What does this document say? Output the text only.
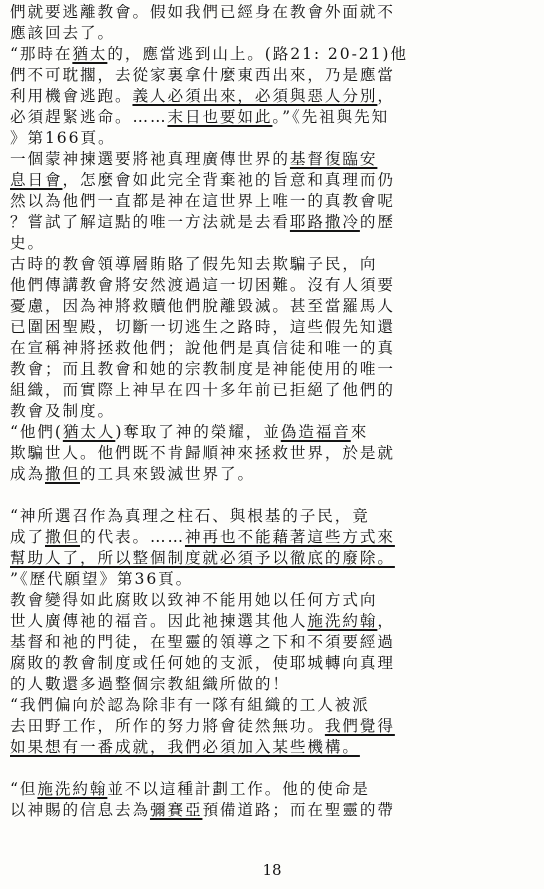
們就要逃離教會。假如我們已經身在教會外面就不
應該回去了。
“那時在猶太的，應當逃到山上。(路21: 20-21)他
們不可耽擱，去從家裏拿什麼東西出來，乃是應當
利用機會逃跑。義人必須出來，必須與惡人分別，
必須趕緊逃命。……末日也要如此。”《先祖與先知
》第166頁。
一個蒙神揀選要將祂真理廣傳世界的基督復臨安
息日會，怎麼會如此完全背棄祂的旨意和真理而仍
然以為他們一直都是神在這世界上唯一的真教會呢
？嘗試了解這點的唯一方法就是去看耶路撒冷的歷
史。
古時的教會領導層賄賂了假先知去欺騙子民，向
他們傳講教會將安然渡過這一切困難。沒有人須要
憂慮，因為神將救贖他們脫離毀滅。甚至當羅馬人
已圍困聖殿，切斷一切逃生之路時，這些假先知還
在宣稱神將拯救他們；說他們是真信徒和唯一的真
教會；而且教會和她的宗教制度是神能使用的唯一
組織，而實際上神早在四十多年前已拒絕了他們的
教會及制度。
“他們(猶太人)奪取了神的榮耀，並偽造福音來
欺騙世人。他們既不肯歸順神來拯救世界，於是就
成為撒但的工具來毀滅世界了。
“神所選召作為真理之柱石、與根基的子民，竟
成了撒但的代表。……神再也不能藉著這些方式來
幫助人了，所以整個制度就必須予以徹底的廢除。
”《歷代願望》第36頁。
教會變得如此腐敗以致神不能用她以任何方式向
世人廣傳祂的福音。因此祂揀選其他人施洗約翰，
基督和祂的門徒，在聖靈的領導之下和不須要經過
腐敗的教會制度或任何她的支派，使耶城轉向真理
的人數還多過整個宗教組織所做的！
“我們偏向於認為除非有一隊有組織的工人被派
去田野工作，所作的努力將會徒然無功。我們覺得
如果想有一番成就，我們必須加入某些機構。
“但施洗約翰並不以這種計劃工作。他的使命是
以神賜的信息去為彌賽亞預備道路；而在聖靈的帶
18
